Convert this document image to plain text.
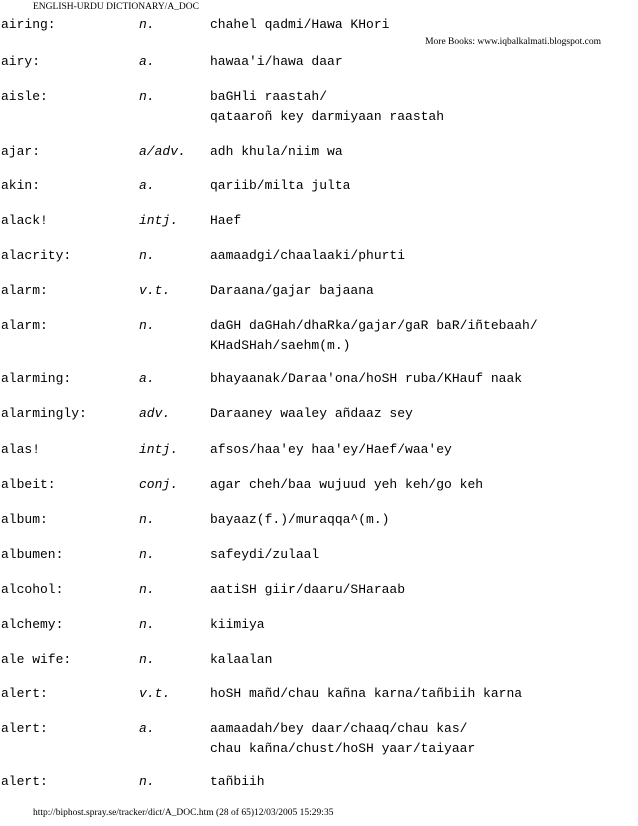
ENGLISH-URDU DICTIONARY/A_DOC
More Books: www.iqbalkalmati.blogspot.com
airing:	n.	chahel qadmi/Hawa KHori
airy:	a.	hawaa'i/hawa daar
aisle:	n.	baGHli raastah/
qataaroñ key darmiyaan raastah
ajar:	a/adv. adh khula/niim wa
akin:	a.	qariib/milta julta
alack!	intj. Haef
alacrity:	n.	aamaadgi/chaalaaki/phurti
alarm:	v.t.	Daraana/gajar bajaana
alarm:	n.	daGH daGHah/dhaRka/gajar/gaR baR/iñtebaah/
KHadSHah/saehm(m.)
alarming:	a.	bhayaanak/Daraa'ona/hoSH ruba/KHauf naak
alarmingly:	adv.	Daraaney waaley añdaaz sey
alas!	intj. afsos/haa'ey haa'ey/Haef/waa'ey
albeit:	conj. agar cheh/baa wujuud yeh keh/go keh
album:	n.	bayaaz(f.)/muraqqa^(m.)
albumen:	n.	safeydi/zulaal
alcohol:	n.	aatiSH giir/daaru/SHaraab
alchemy:	n.	kiimiya
ale wife:	n.	kalaalan
alert:	v.t.	hoSH mañd/chau kañna karna/tañbiih karna
alert:	a.	aamaadah/bey daar/chaaq/chau kas/
chau kañna/chust/hoSH yaar/taiyaar
alert:	n.	tañbiih
http://biphost.spray.se/tracker/dict/A_DOC.htm (28 of 65)12/03/2005 15:29:35
